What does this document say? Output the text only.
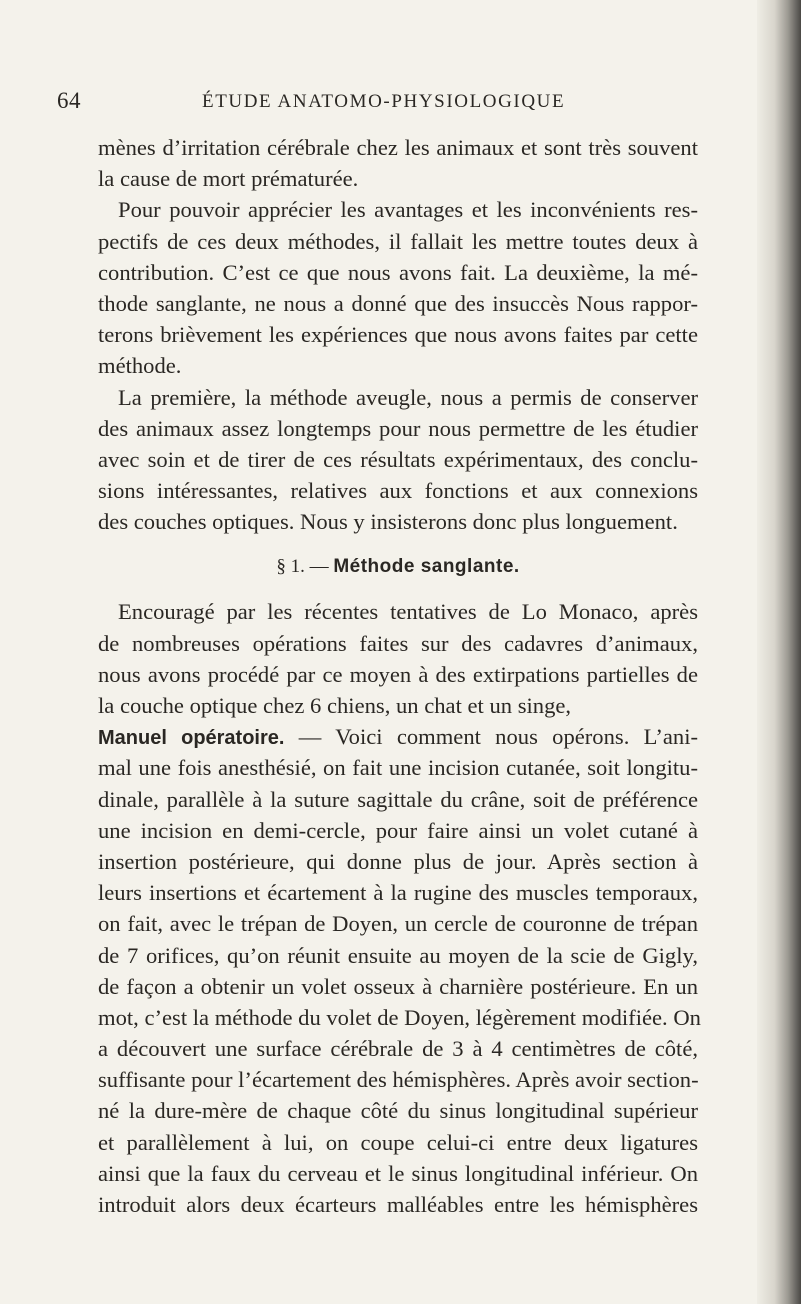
64	ÉTUDE ANATOMO-PHYSIOLOGIQUE
mènes d’irritation cérébrale chez les animaux et sont très souvent
la cause de mort prématurée.
Pour pouvoir apprécier les avantages et les inconvénients res-
pectifs de ces deux méthodes, il fallait les mettre toutes deux à
contribution. C’est ce que nous avons fait. La deuxième, la mé-
thode sanglante, ne nous a donné que des insuccès Nous rappor-
terons brièvement les expériences que nous avons faites par cette
méthode.
La première, la méthode aveugle, nous a permis de conserver
des animaux assez longtemps pour nous permettre de les étudier
avec soin et de tirer de ces résultats expérimentaux, des conclu-
sions intéressantes, relatives aux fonctions et aux connexions
des couches optiques. Nous y insisterons donc plus longuement.
§ 1. — Méthode sanglante.
Encouragé par les récentes tentatives de Lo Monaco, après
de nombreuses opérations faites sur des cadavres d’animaux,
nous avons procédé par ce moyen à des extirpations partielles de
la couche optique chez 6 chiens, un chat et un singe,
Manuel opératoire. — Voici comment nous opérons. L’ani-
mal une fois anesthésié, on fait une incision cutanée, soit longitu-
dinale, parallèle à la suture sagittale du crâne, soit de préférence
une incision en demi-cercle, pour faire ainsi un volet cutané à
insertion postérieure, qui donne plus de jour. Après section à
leurs insertions et écartement à la rugine des muscles temporaux,
on fait, avec le trépan de Doyen, un cercle de couronne de trépan
de 7 orifices, qu’on réunit ensuite au moyen de la scie de Gigly,
de façon a obtenir un volet osseux à charnière postérieure. En un
mot, c’est la méthode du volet de Doyen, légèrement modifiée. On
a découvert une surface cérébrale de 3 à 4 centimètres de côté,
suffisante pour l’écartement des hémisphères. Après avoir section-
né la dure-mère de chaque côté du sinus longitudinal supérieur
et parallèlement à lui, on coupe celui-ci entre deux ligatures
ainsi que la faux du cerveau et le sinus longitudinal inférieur. On
introduit alors deux écarteurs malléables entre les hémisphères
